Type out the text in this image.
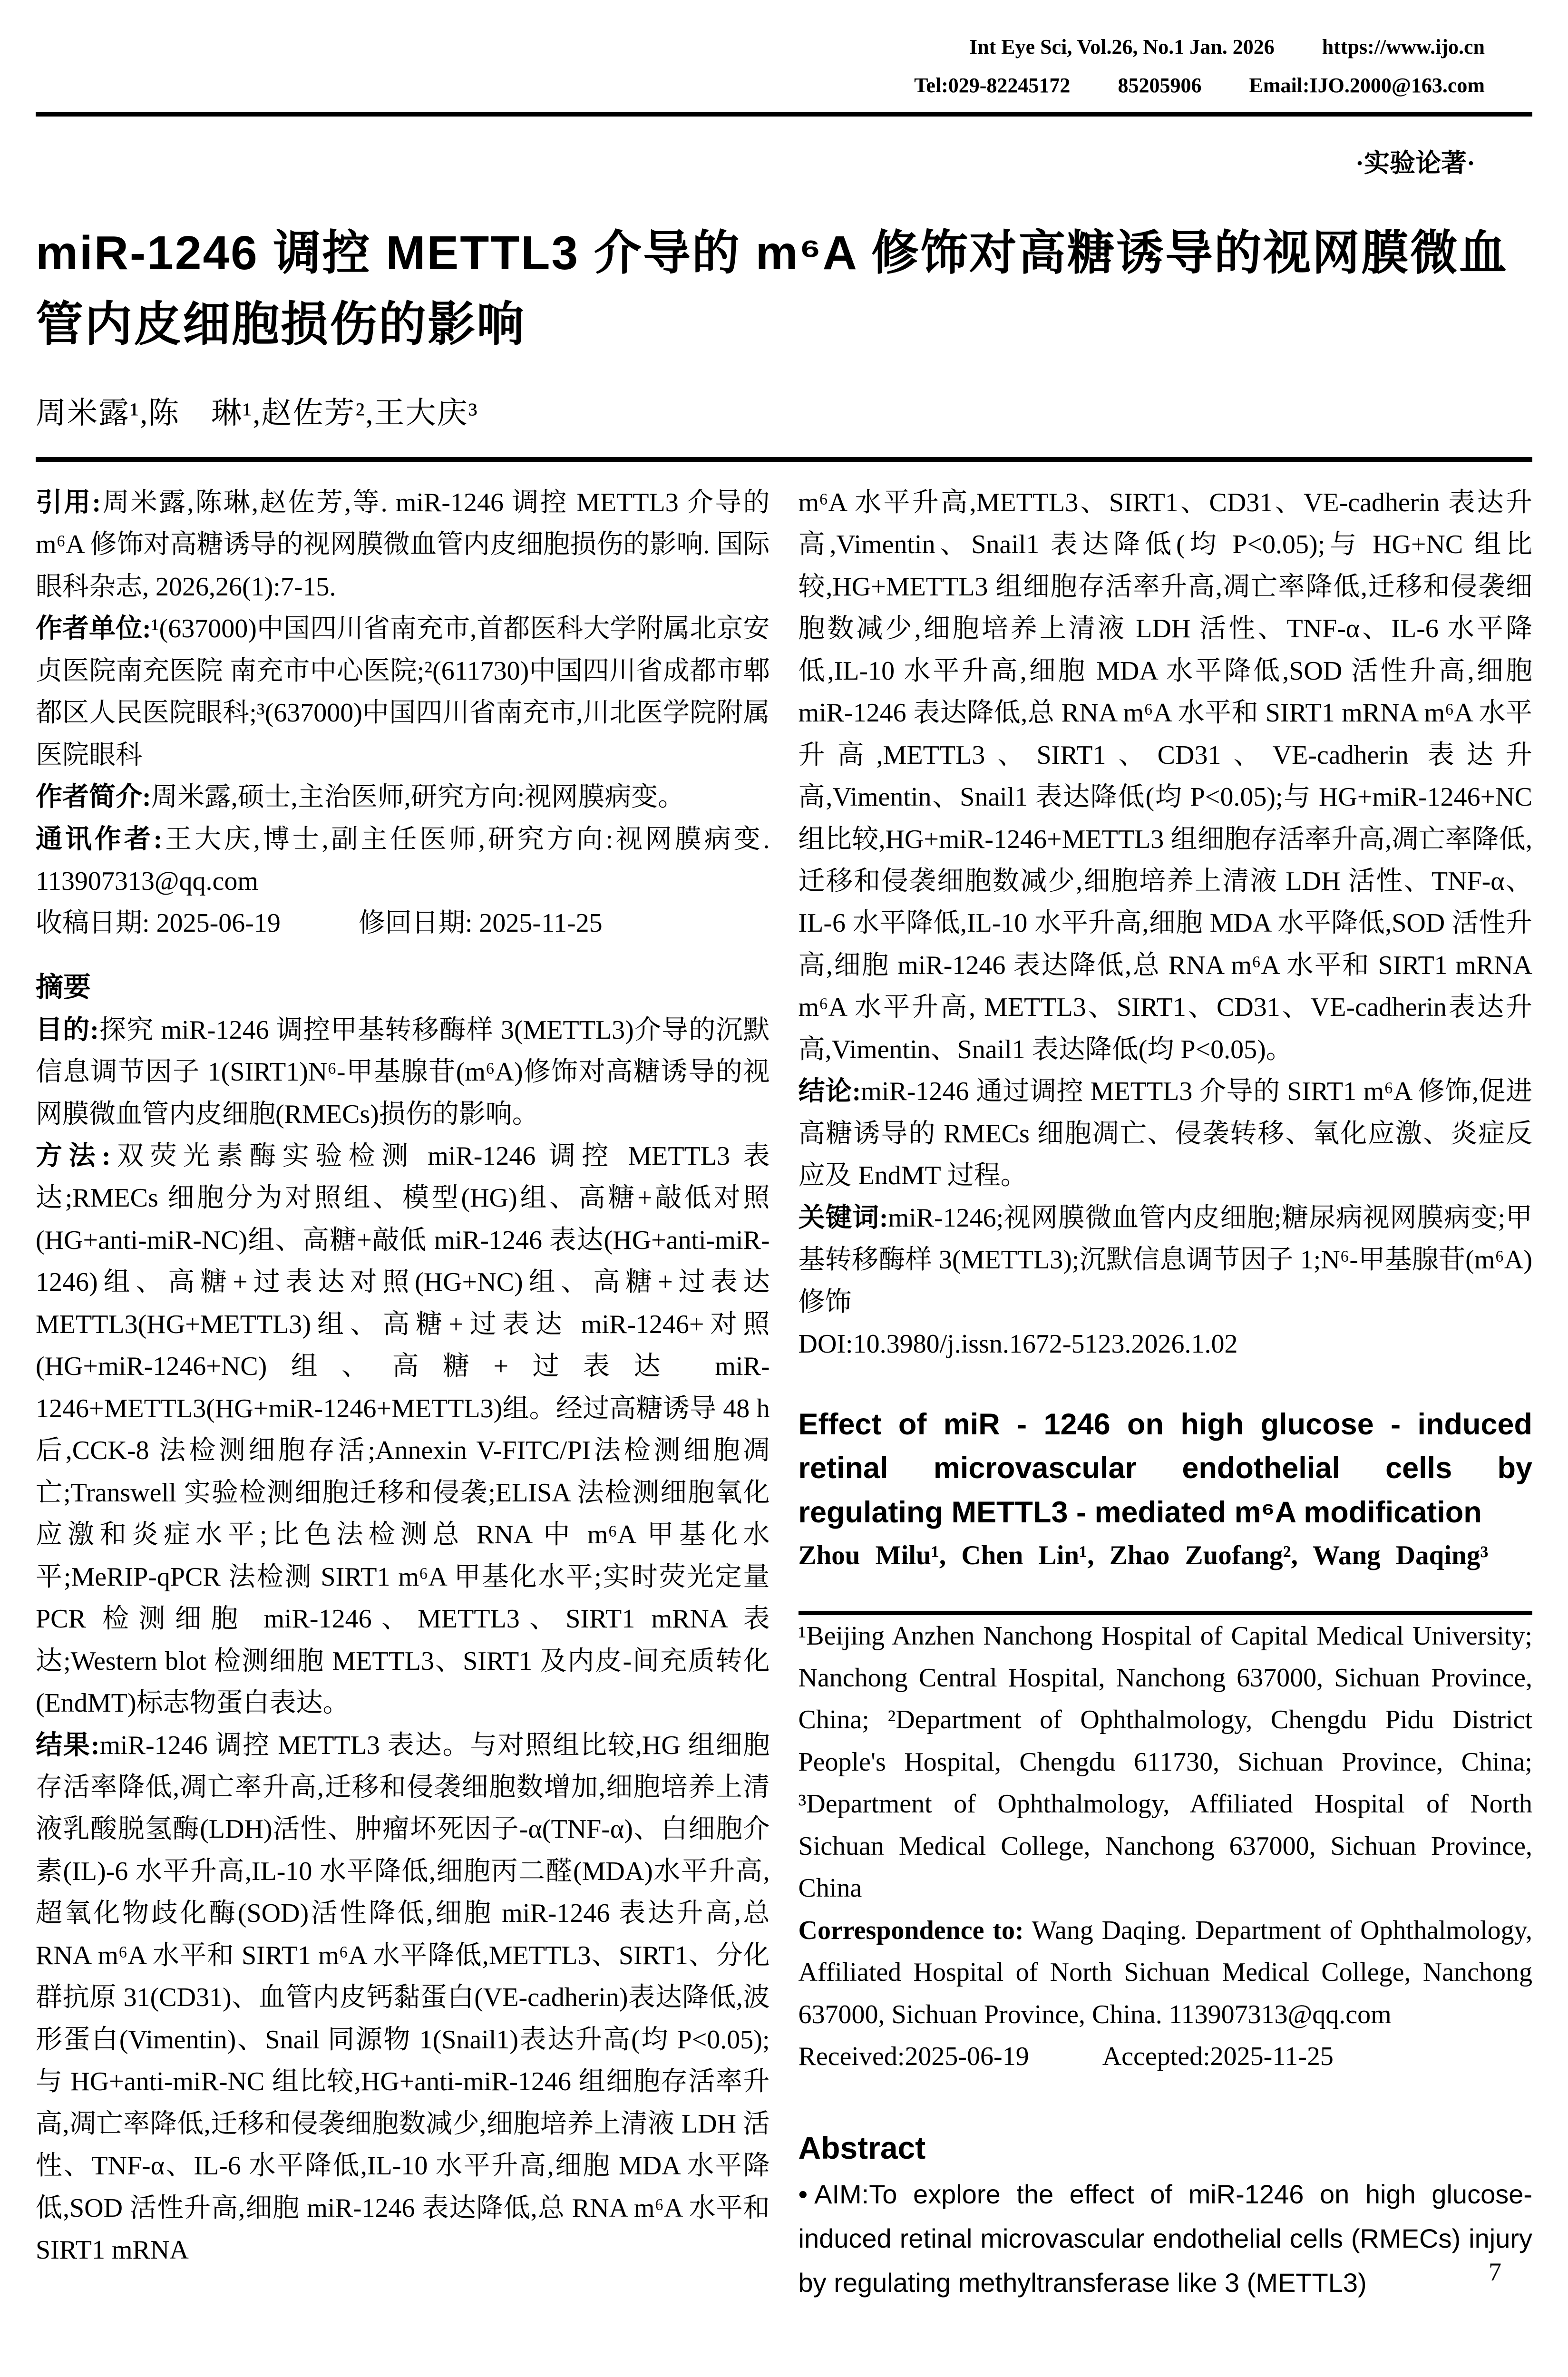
Int Eye Sci, Vol.26, No.1 Jan. 2026 https://www.ijo.cn
Tel:029-82245172 85205906 Email:IJO.2000@163.com
·实验论著·
miR-1246 调控 METTL3 介导的 m⁶A 修饰对高糖诱导的视网膜微血管内皮细胞损伤的影响
周米露¹,陈　琳¹,赵佐芳²,王大庆³

引用:周米露,陈琳,赵佐芳,等. miR-1246 调控 METTL3 介导的 m⁶A 修饰对高糖诱导的视网膜微血管内皮细胞损伤的影响. 国际眼科杂志, 2026,26(1):7-15.

作者单位:¹(637000)中国四川省南充市,首都医科大学附属北京安贞医院南充医院 南充市中心医院;²(611730)中国四川省成都市郫都区人民医院眼科;³(637000)中国四川省南充市,川北医学院附属医院眼科

作者简介:周米露,硕士,主治医师,研究方向:视网膜病变。

通讯作者:王大庆,博士,副主任医师,研究方向:视网膜病变. 113907313@qq.com

收稿日期: 2025-06-19	修回日期: 2025-11-25

摘要

目的:探究 miR-1246 调控甲基转移酶样 3(METTL3)介导的沉默信息调节因子 1(SIRT1)N⁶-甲基腺苷(m⁶A)修饰对高糖诱导的视网膜微血管内皮细胞(RMECs)损伤的影响。

方法:双荧光素酶实验检测 miR-1246 调控 METTL3 表达;RMECs 细胞分为对照组、模型(HG)组、高糖+敲低对照(HG+anti-miR-NC)组、高糖+敲低 miR-1246 表达(HG+anti-miR-1246)组、高糖+过表达对照(HG+NC)组、高糖+过表达 METTL3(HG+METTL3)组、高糖+过表达 miR-1246+对照(HG+miR-1246+NC)组、高糖+过表达 miR-1246+METTL3(HG+miR-1246+METTL3)组。经过高糖诱导 48 h 后,CCK-8 法检测细胞存活;Annexin V-FITC/PI法检测细胞凋亡;Transwell 实验检测细胞迁移和侵袭;ELISA 法检测细胞氧化应激和炎症水平;比色法检测总 RNA 中 m⁶A 甲基化水平;MeRIP-qPCR 法检测 SIRT1 m⁶A 甲基化水平;实时荧光定量 PCR 检测细胞 miR-1246、METTL3、SIRT1 mRNA 表达;Western blot 检测细胞 METTL3、SIRT1 及内皮-间充质转化(EndMT)标志物蛋白表达。

结果:miR-1246 调控 METTL3 表达。与对照组比较,HG 组细胞存活率降低,凋亡率升高,迁移和侵袭细胞数增加,细胞培养上清液乳酸脱氢酶(LDH)活性、肿瘤坏死因子-α(TNF-α)、白细胞介素(IL)-6 水平升高,IL-10 水平降低,细胞丙二醛(MDA)水平升高,超氧化物歧化酶(SOD)活性降低,细胞 miR-1246 表达升高,总 RNA m⁶A 水平和 SIRT1 m⁶A 水平降低,METTL3、SIRT1、分化群抗原 31(CD31)、血管内皮钙黏蛋白(VE-cadherin)表达降低,波形蛋白(Vimentin)、Snail 同源物 1(Snail1)表达升高(均 P<0.05);与 HG+anti-miR-NC 组比较,HG+anti-miR-1246 组细胞存活率升高,凋亡率降低,迁移和侵袭细胞数减少,细胞培养上清液 LDH 活性、TNF-α、IL-6 水平降低,IL-10 水平升高,细胞 MDA 水平降低,SOD 活性升高,细胞 miR-1246 表达降低,总 RNA m⁶A 水平和 SIRT1 mRNA

m⁶A 水平升高,METTL3、SIRT1、CD31、VE-cadherin 表达升高,Vimentin、Snail1 表达降低(均 P<0.05);与 HG+NC 组比较,HG+METTL3 组细胞存活率升高,凋亡率降低,迁移和侵袭细胞数减少,细胞培养上清液 LDH 活性、TNF-α、IL-6 水平降低,IL-10 水平升高,细胞 MDA 水平降低,SOD 活性升高,细胞 miR-1246 表达降低,总 RNA m⁶A 水平和 SIRT1 mRNA m⁶A 水平升高,METTL3、SIRT1、CD31、VE-cadherin 表达升高,Vimentin、Snail1 表达降低(均 P<0.05);与 HG+miR-1246+NC 组比较,HG+miR-1246+METTL3 组细胞存活率升高,凋亡率降低,迁移和侵袭细胞数减少,细胞培养上清液 LDH 活性、TNF-α、IL-6 水平降低,IL-10 水平升高,细胞 MDA 水平降低,SOD 活性升高,细胞 miR-1246 表达降低,总 RNA m⁶A 水平和 SIRT1 mRNA m⁶A 水平升高, METTL3、SIRT1、CD31、VE-cadherin表达升高,Vimentin、Snail1 表达降低(均 P<0.05)。

结论:miR-1246 通过调控 METTL3 介导的 SIRT1 m⁶A 修饰,促进高糖诱导的 RMECs 细胞凋亡、侵袭转移、氧化应激、炎症反应及 EndMT 过程。

关键词:miR-1246;视网膜微血管内皮细胞;糖尿病视网膜病变;甲基转移酶样 3(METTL3);沉默信息调节因子 1;N⁶-甲基腺苷(m⁶A)修饰

DOI:10.3980/j.issn.1672-5123.2026.1.02

Effect of miR - 1246 on high glucose - induced retinal microvascular endothelial cells by regulating METTL3 - mediated m⁶A modification

Zhou Milu¹, Chen Lin¹, Zhao Zuofang², Wang Daqing³

¹Beijing Anzhen Nanchong Hospital of Capital Medical University; Nanchong Central Hospital, Nanchong 637000, Sichuan Province, China; ²Department of Ophthalmology, Chengdu Pidu District People's Hospital, Chengdu 611730, Sichuan Province, China; ³Department of Ophthalmology, Affiliated Hospital of North Sichuan Medical College, Nanchong 637000, Sichuan Province, China

Correspondence to: Wang Daqing. Department of Ophthalmology, Affiliated Hospital of North Sichuan Medical College, Nanchong 637000, Sichuan Province, China. 113907313@qq.com

Received:2025-06-19	Accepted:2025-11-25

Abstract

• AIM:To explore the effect of miR-1246 on high glucose-induced retinal microvascular endothelial cells (RMECs) injury by regulating methyltransferase like 3 (METTL3)	7
